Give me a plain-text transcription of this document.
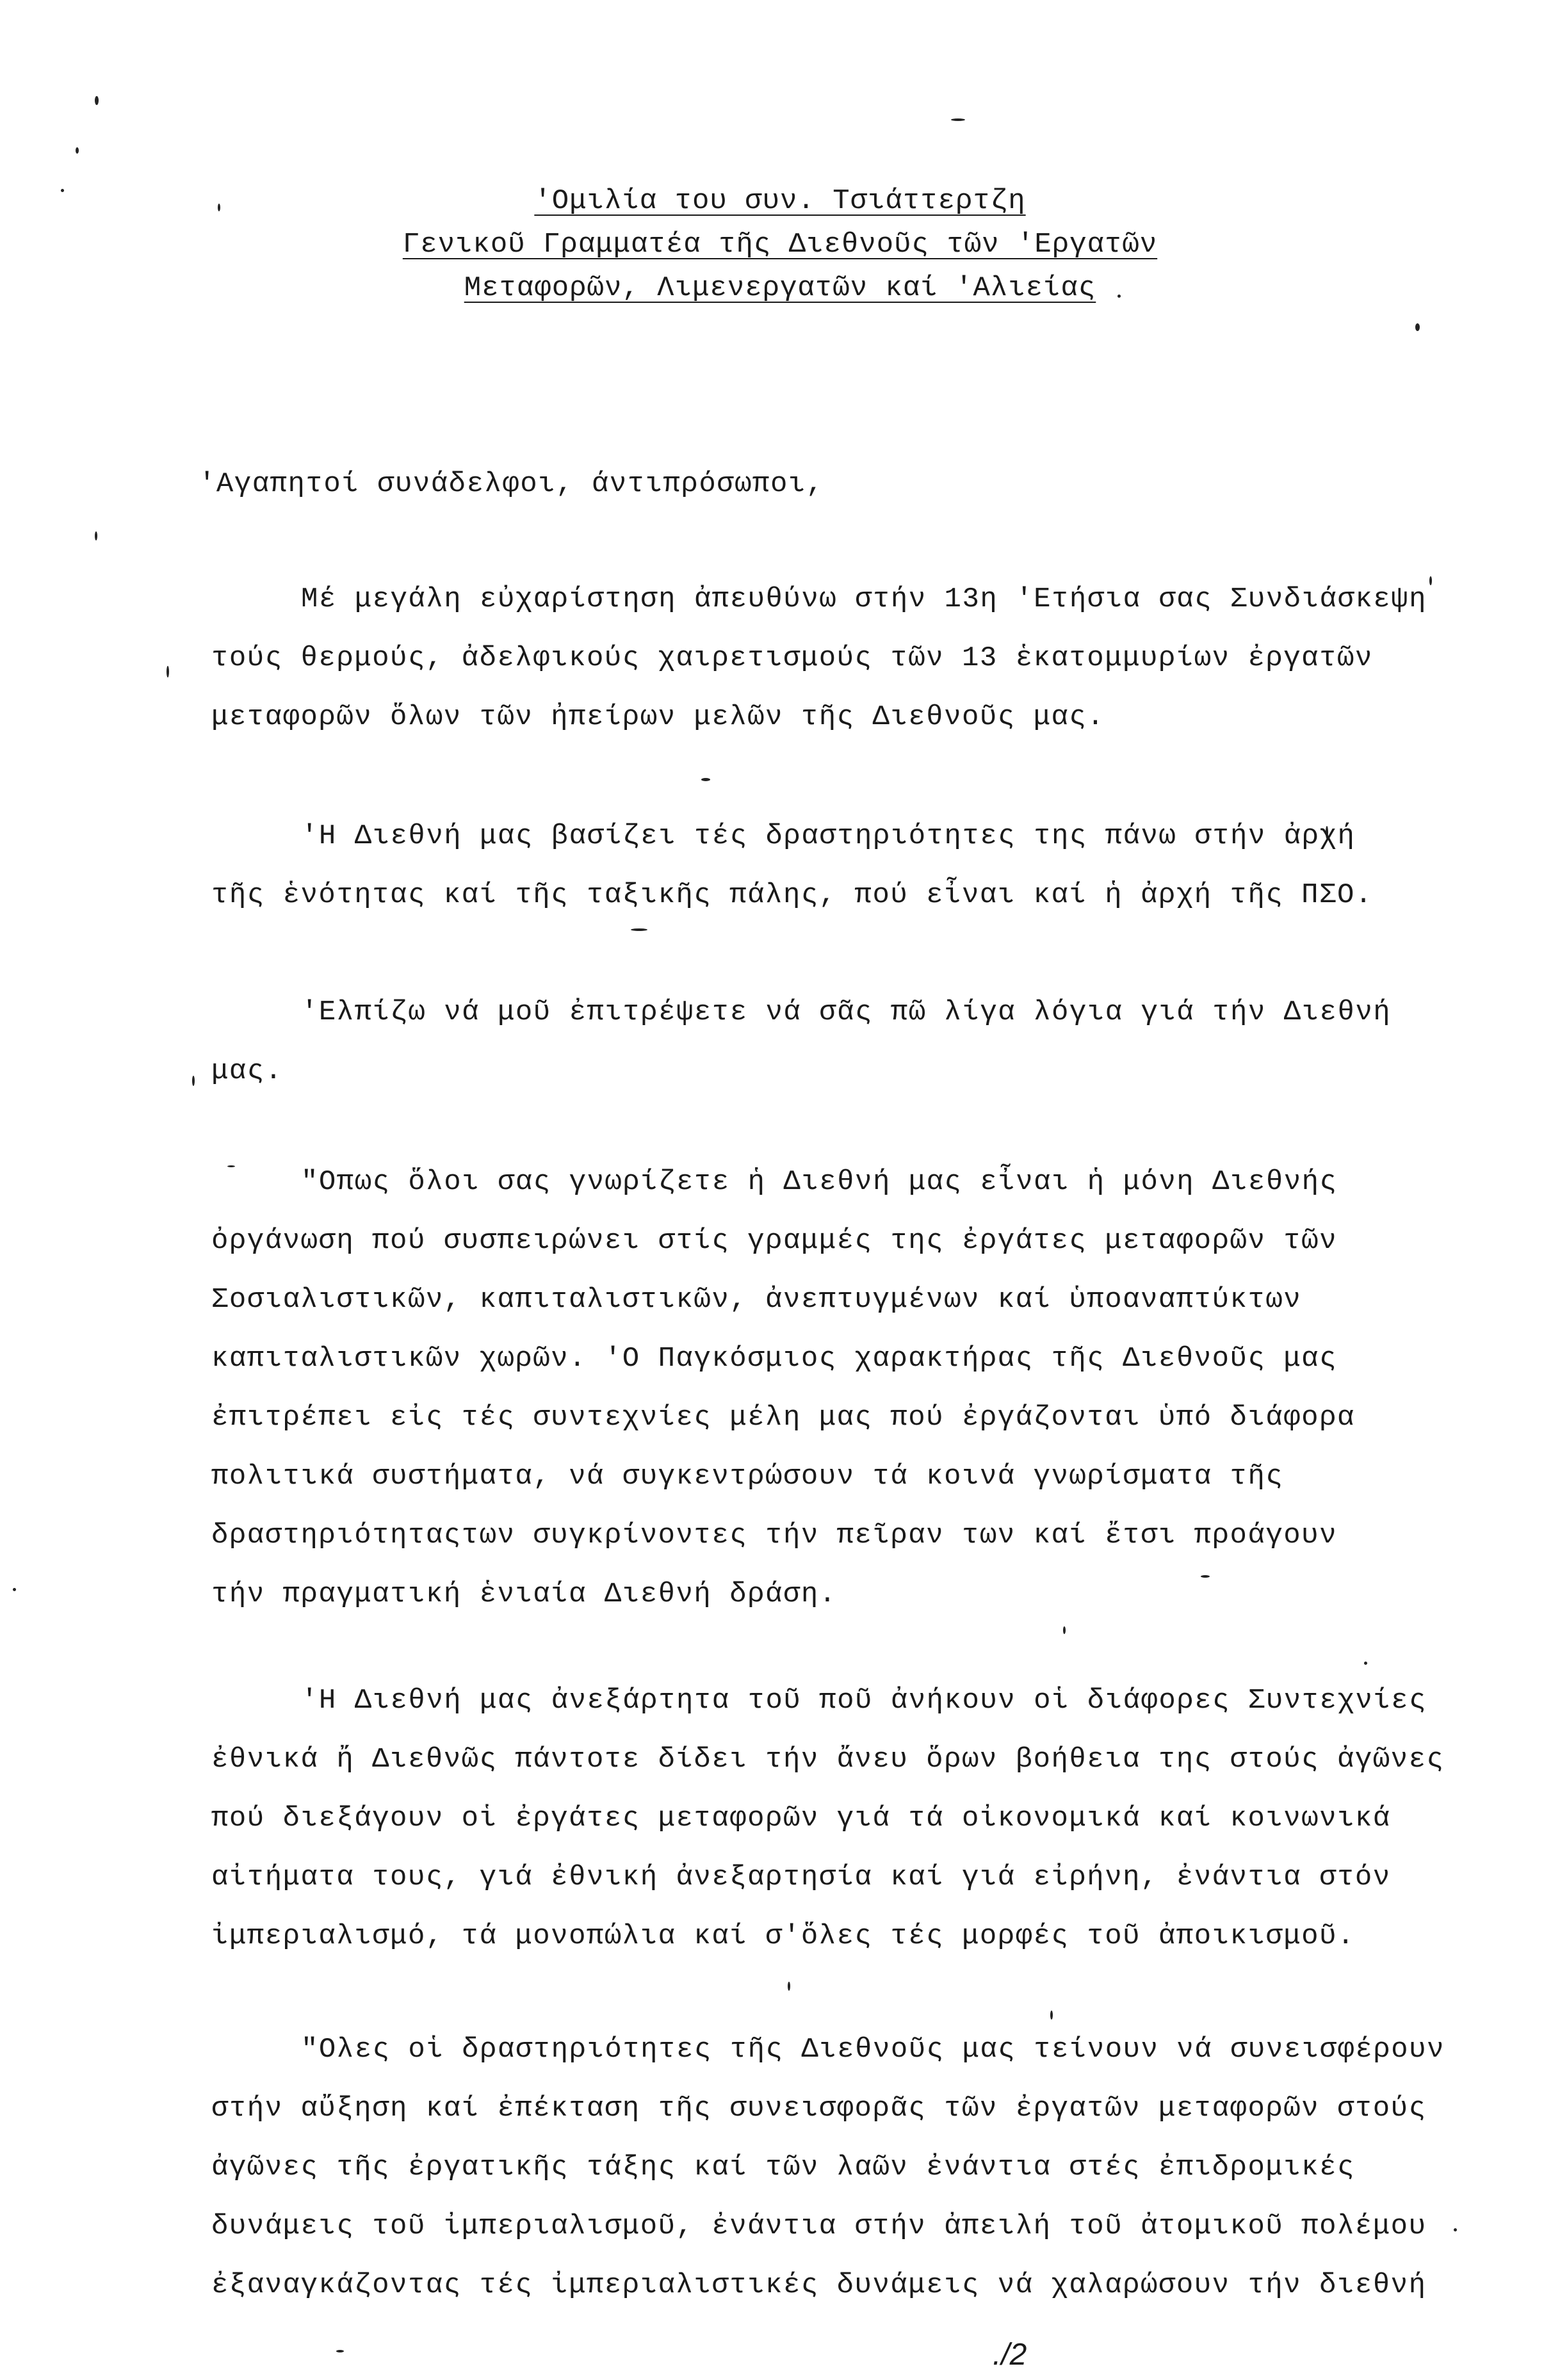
'Ομιλία του συν. Τσιάττερτζη
Γενικοῦ Γραμματέα τῆς Διεθνοῦς τῶν 'Εργατῶν
Μεταφορῶν, Λιμενεργατῶν καί 'Αλιείας
'Αγαπητοί συνάδελφοι, άντιπρόσωποι,
Μέ μεγάλη εὐχαρίστηση ἀπευθύνω στήν 13η 'Ετήσια σας Συνδιάσκεψη
τούς θερμούς, ἀδελφικούς χαιρετισμούς τῶν 13 ἑκατομμυρίων ἐργατῶν
μεταφορῶν ὅλων τῶν ἠπείρων μελῶν τῆς Διεθνοῦς μας.
'Η Διεθνή μας βασίζει τές δραστηριότητες της πάνω στήν ἀρχή
τῆς ἑνότητας καί τῆς ταξικῆς πάλης, πού εἶναι καί ἡ ἀρχή τῆς ΠΣΟ.
'Ελπίζω νά μοῦ ἐπιτρέψετε νά σᾶς πῶ λίγα λόγια γιά τήν Διεθνή
μας.
"Οπως ὅλοι σας γνωρίζετε ἡ Διεθνή μας εἶναι ἡ μόνη Διεθνής
ὀργάνωση πού συσπειρώνει στίς γραμμές της ἐργάτες μεταφορῶν τῶν
Σοσιαλιστικῶν, καπιταλιστικῶν, ἀνεπτυγμένων καί ὑποαναπτύκτων
καπιταλιστικῶν χωρῶν. 'Ο Παγκόσμιος χαρακτήρας τῆς Διεθνοῦς μας
ἐπιτρέπει εἰς τές συντεχνίες μέλη μας πού ἐργάζονται ὑπό διάφορα
πολιτικά συστήματα, νά συγκεντρώσουν τά κοινά γνωρίσματα τῆς
δραστηριότηταςτων συγκρίνοντες τήν πεῖραν των καί ἔτσι προάγουν
τήν πραγματική ἑνιαία Διεθνή δράση.
'Η Διεθνή μας ἀνεξάρτητα τοῦ ποῦ ἀνήκουν οἱ διάφορες Συντεχνίες
ἐθνικά ἤ Διεθνῶς πάντοτε δίδει τήν ἄνευ ὅρων βοήθεια της στούς ἀγῶνες
πού διεξάγουν οἱ ἐργάτες μεταφορῶν γιά τά οἰκονομικά καί κοινωνικά
αἰτήματα τους, γιά ἐθνική ἀνεξαρτησία καί γιά εἰρήνη, ἐνάντια στόν
ἰμπεριαλισμό, τά μονοπώλια καί σ'ὅλες τές μορφές τοῦ ἀποικισμοῦ.
"Ολες οἱ δραστηριότητες τῆς Διεθνοῦς μας τείνουν νά συνεισφέρουν
στήν αὔξηση καί ἐπέκταση τῆς συνεισφορᾶς τῶν ἐργατῶν μεταφορῶν στούς
ἀγῶνες τῆς ἐργατικῆς τάξης καί τῶν λαῶν ἐνάντια στές ἐπιδρομικές
δυνάμεις τοῦ ἰμπεριαλισμοῦ, ἐνάντια στήν ἀπειλή τοῦ ἀτομικοῦ πολέμου
ἐξαναγκάζοντας τές ἰμπεριαλιστικές δυνάμεις νά χαλαρώσουν τήν διεθνή
./2
